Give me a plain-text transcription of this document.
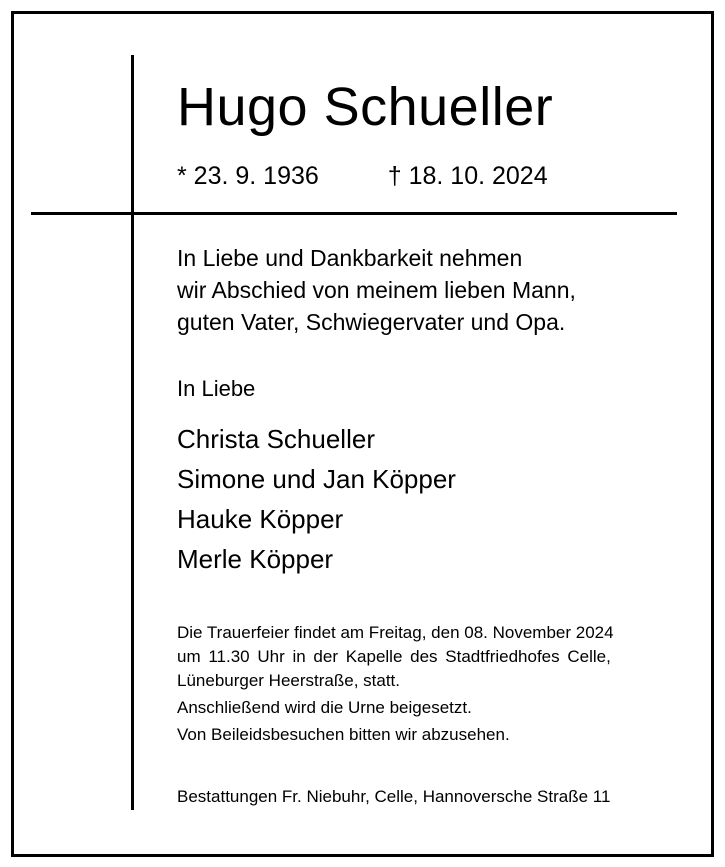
Hugo Schueller
* 23. 9. 1936	† 18. 10. 2024
In Liebe und Dankbarkeit nehmen
wir Abschied von meinem lieben Mann,
guten Vater, Schwiegervater und Opa.
In Liebe
Christa Schueller
Simone und Jan Köpper
Hauke Köpper
Merle Köpper
Die Trauerfeier findet am Freitag, den 08. November 2024
um 11.30 Uhr in der Kapelle des Stadtfriedhofes Celle,
Lüneburger Heerstraße, statt.
Anschließend wird die Urne beigesetzt.
Von Beileidsbesuchen bitten wir abzusehen.
Bestattungen Fr. Niebuhr, Celle, Hannoversche Straße 11
